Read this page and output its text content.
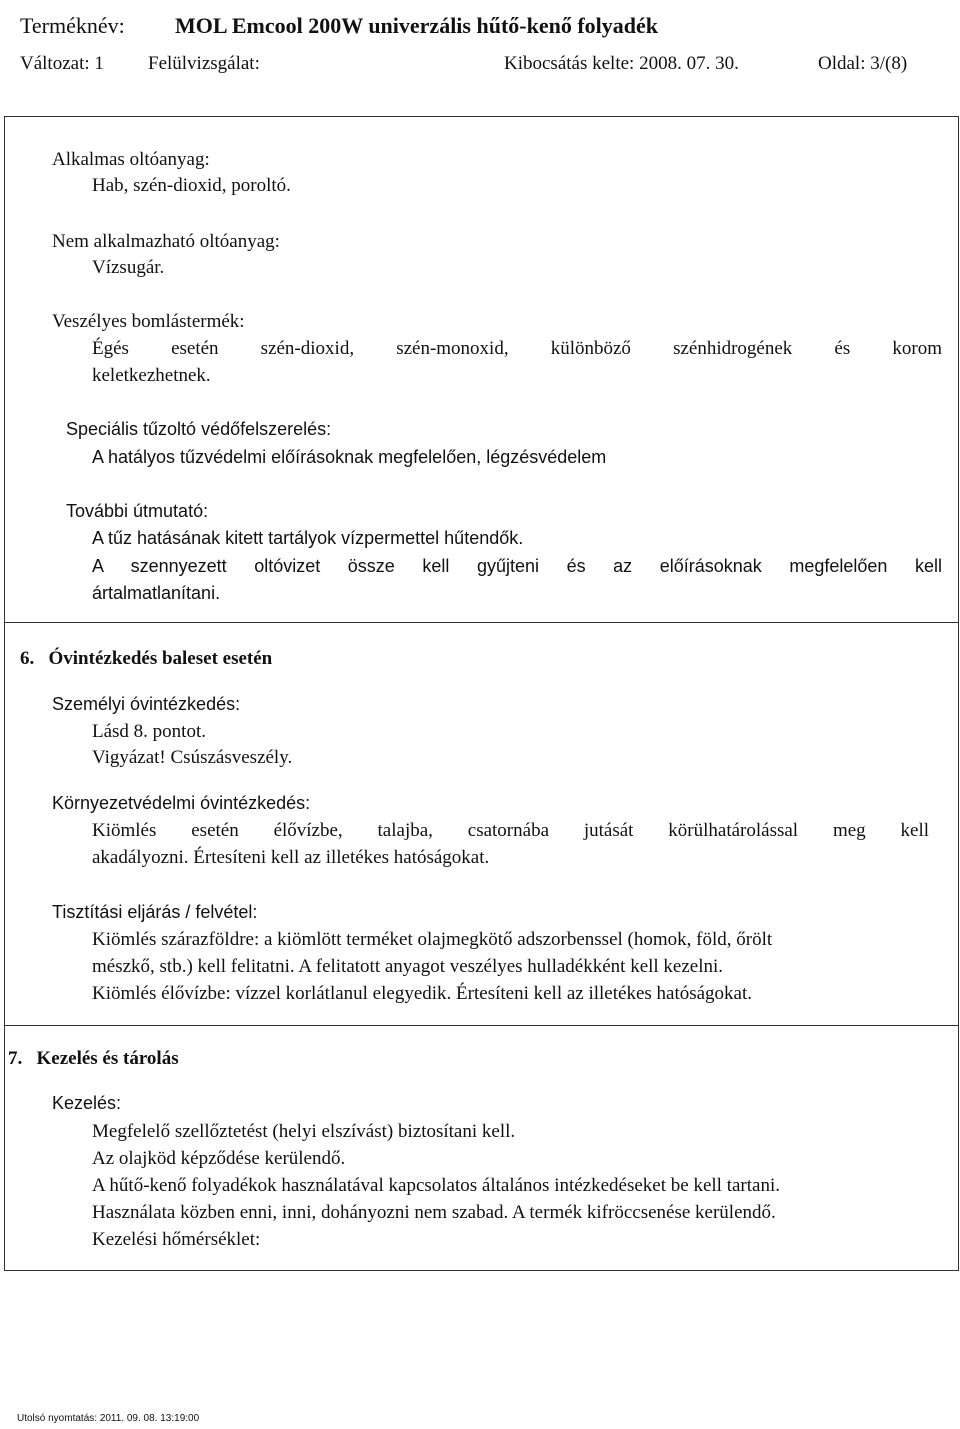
Terméknév: MOL Emcool 200W univerzális hűtő-kenő folyadék
Változat: 1 Felülvizsgálat:	Kibocsátás kelte: 2008. 07. 30.	Oldal: 3/(8)
Alkalmas oltóanyag:
Hab, szén-dioxid, poroltó.
Nem alkalmazható oltóanyag:
Vízsugár.
Veszélyes bomlástermék:
Égés esetén szén-dioxid, szén-monoxid, különböző szénhidrogének és korom
keletkezhetnek.
Speciális tűzoltó védőfelszerelés:
A hatályos tűzvédelmi előírásoknak megfelelően, légzésvédelem
További útmutató:
A tűz hatásának kitett tartályok vízpermettel hűtendők.
A szennyezett oltóvizet össze kell gyűjteni és az előírásoknak megfelelően kell
ártalmatlanítani.
6.   Óvintézkedés baleset esetén
Személyi óvintézkedés:
Lásd 8. pontot.
Vigyázat! Csúszásveszély.
Környezetvédelmi óvintézkedés:
Kiömlés esetén élővízbe, talajba, csatornába jutását körülhatárolással meg kell
akadályozni. Értesíteni kell az illetékes hatóságokat.
Tisztítási eljárás / felvétel:
Kiömlés szárazföldre: a kiömlött terméket olajmegkötő adszorbenssel (homok, föld, őrölt
mészkő, stb.) kell felitatni. A felitatott anyagot veszélyes hulladékként kell kezelni.
Kiömlés élővízbe: vízzel korlátlanul elegyedik. Értesíteni kell az illetékes hatóságokat.
7.   Kezelés és tárolás
Kezelés:
Megfelelő szellőztetést (helyi elszívást) biztosítani kell.
Az olajköd képződése kerülendő.
A hűtő-kenő folyadékok használatával kapcsolatos általános intézkedéseket be kell tartani.
Használata közben enni, inni, dohányozni nem szabad. A termék kifröccsenése kerülendő.
Kezelési hőmérséklet:
Utolsó nyomtatás: 2011. 09. 08. 13:19:00
